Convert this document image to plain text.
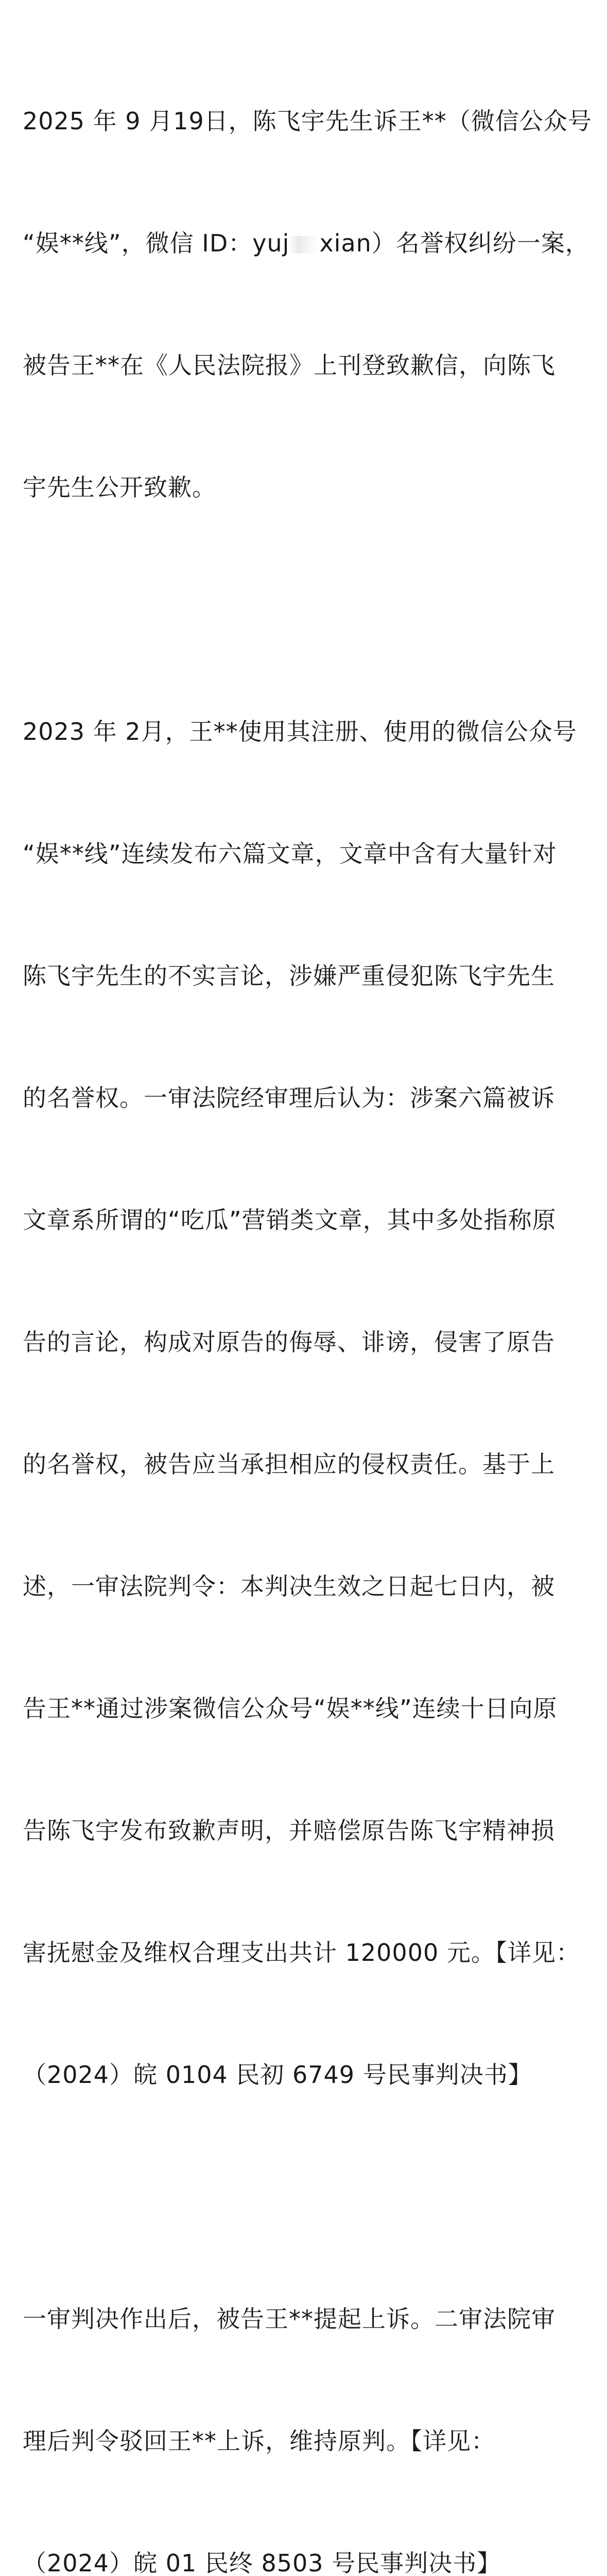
2025 年 9 月19日，陈飞宇先生诉王**（微信公众号

“娱**线”，微信 ID：yuj xian）名誉权纠纷一案，

被告王**在《人民法院报》上刊登致歉信，向陈飞

宇先生公开致歉。

2023 年 2月，王**使用其注册、使用的微信公众号

“娱**线”连续发布六篇文章，文章中含有大量针对

陈飞宇先生的不实言论，涉嫌严重侵犯陈飞宇先生

的名誉权。一审法院经审理后认为：涉案六篇被诉

文章系所谓的“吃瓜”营销类文章，其中多处指称原

告的言论，构成对原告的侮辱、诽谤，侵害了原告

的名誉权，被告应当承担相应的侵权责任。基于上

述，一审法院判令：本判决生效之日起七日内，被

告王**通过涉案微信公众号“娱**线”连续十日向原

告陈飞宇发布致歉声明，并赔偿原告陈飞宇精神损

害抚慰金及维权合理支出共计 120000 元。【详见：

（2024）皖 0104 民初 6749 号民事判决书】

一审判决作出后，被告王**提起上诉。二审法院审

理后判令驳回王**上诉，维持原判。【详见：

（2024）皖 01 民终 8503 号民事判决书】
